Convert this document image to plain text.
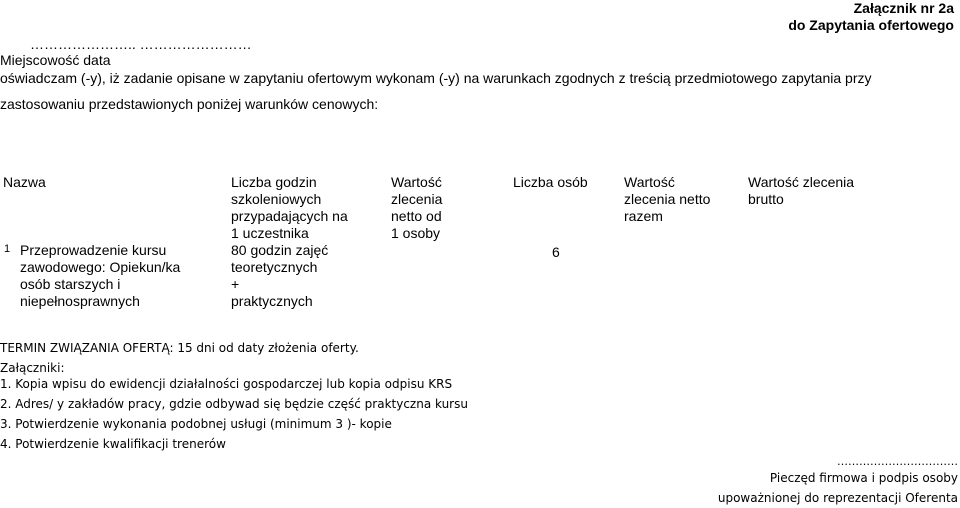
Załącznik nr 2a
do Zapytania ofertowego
………………….. ……………………
Miejscowość data
oświadczam (-y), iż zadanie opisane w zapytaniu ofertowym wykonam (-y) na warunkach zgodnych z treścią przedmiotowego zapytania przy
zastosowaniu przedstawionych poniżej warunków cenowych:
Nazwa	Liczba godzin
szkoleniowych
przypadających na
1 uczestnika
Wartość
zlecenia
netto od
1 osoby
Liczba osób	Wartość
zlecenia netto
razem
Wartość zlecenia
brutto
1 Przeprowadzenie kursu
zawodowego: Opiekun/ka
osób starszych i
niepełnosprawnych
80 godzin zajęć
teoretycznych
+
praktycznych
6
TERMIN ZWIĄZANIA OFERTĄ: 15 dni od daty złożenia oferty.
Załączniki:
1. Kopia wpisu do ewidencji działalności gospodarczej lub kopia odpisu KRS
2. Adres/ y zakładów pracy, gdzie odbywad się będzie część praktyczna kursu
3. Potwierdzenie wykonania podobnej usługi (minimum 3 )- kopie
4. Potwierdzenie kwalifikacji trenerów
……………………………
Pieczęd firmowa i podpis osoby
upoważnionej do reprezentacji Oferenta
